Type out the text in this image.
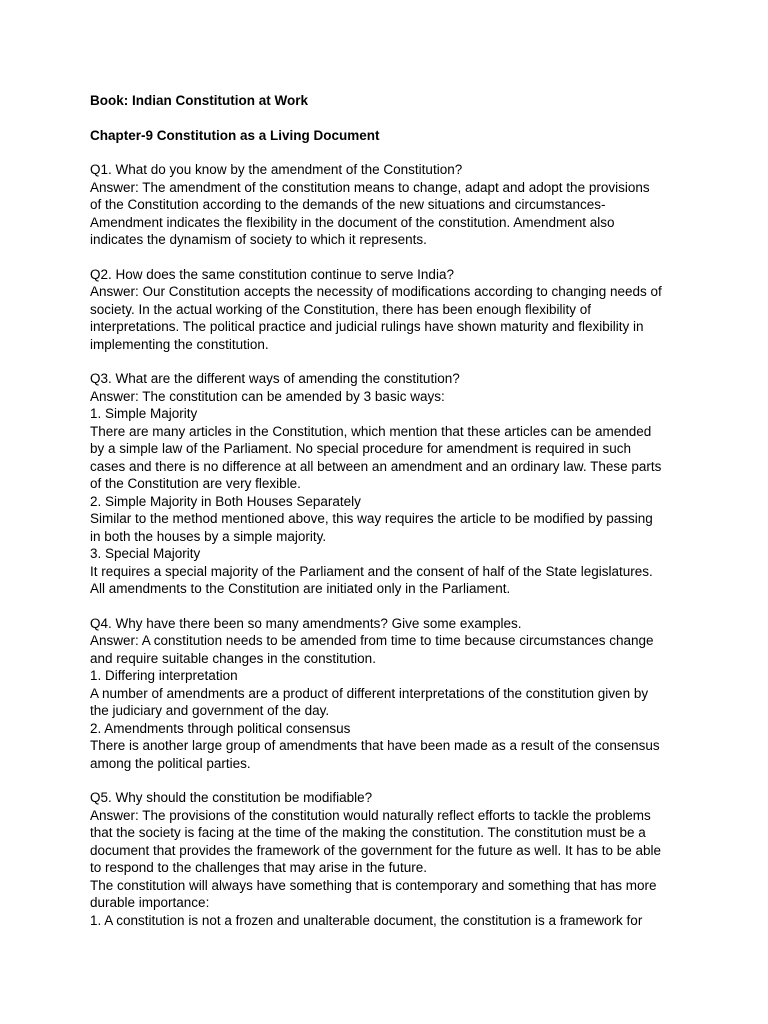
Book: Indian Constitution at Work
Chapter-9 Constitution as a Living Document
Q1. What do you know by the amendment of the Constitution?
Answer: The amendment of the constitution means to change, adapt and adopt the provisions
of the Constitution according to the demands of the new situations and circumstances-
Amendment indicates the flexibility in the document of the constitution. Amendment also
indicates the dynamism of society to which it represents.
Q2. How does the same constitution continue to serve India?
Answer: Our Constitution accepts the necessity of modifications according to changing needs of
society. In the actual working of the Constitution, there has been enough flexibility of
interpretations. The political practice and judicial rulings have shown maturity and flexibility in
implementing the constitution.
Q3. What are the different ways of amending the constitution?
Answer: The constitution can be amended by 3 basic ways:
1. Simple Majority
There are many articles in the Constitution, which mention that these articles can be amended
by a simple law of the Parliament. No special procedure for amendment is required in such
cases and there is no difference at all between an amendment and an ordinary law. These parts
of the Constitution are very flexible.
2. Simple Majority in Both Houses Separately
Similar to the method mentioned above, this way requires the article to be modified by passing
in both the houses by a simple majority.
3. Special Majority
It requires a special majority of the Parliament and the consent of half of the State legislatures.
All amendments to the Constitution are initiated only in the Parliament.
Q4. Why have there been so many amendments? Give some examples.
Answer: A constitution needs to be amended from time to time because circumstances change
and require suitable changes in the constitution.
1. Differing interpretation
A number of amendments are a product of different interpretations of the constitution given by
the judiciary and government of the day.
2. Amendments through political consensus
There is another large group of amendments that have been made as a result of the consensus
among the political parties.
Q5. Why should the constitution be modifiable?
Answer: The provisions of the constitution would naturally reflect efforts to tackle the problems
that the society is facing at the time of the making the constitution. The constitution must be a
document that provides the framework of the government for the future as well. It has to be able
to respond to the challenges that may arise in the future.
The constitution will always have something that is contemporary and something that has more
durable importance:
1. A constitution is not a frozen and unalterable document, the constitution is a framework for
